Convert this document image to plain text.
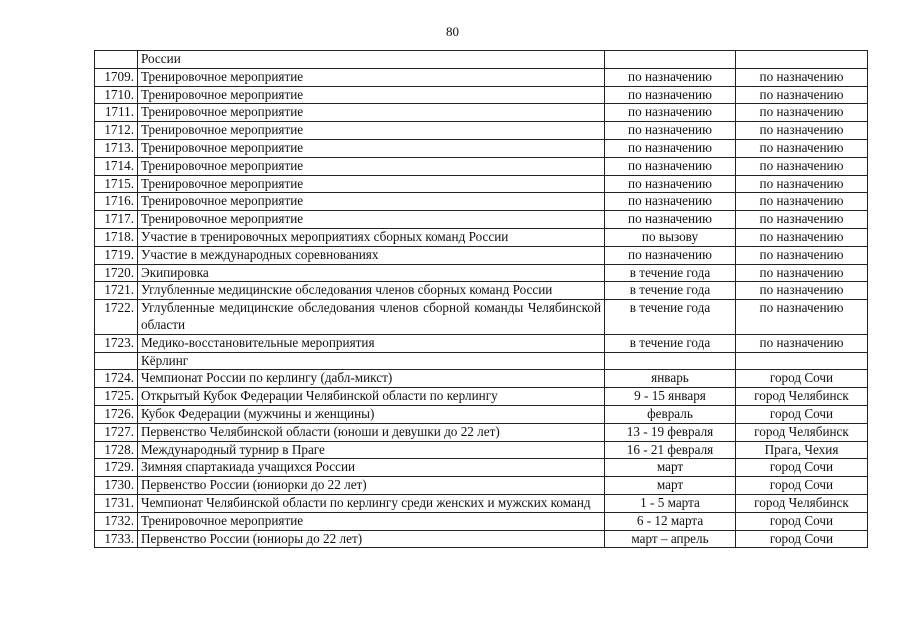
80
	России		
1709.	Тренировочное мероприятие	по назначению	по назначению
1710.	Тренировочное мероприятие	по назначению	по назначению
1711.	Тренировочное мероприятие	по назначению	по назначению
1712.	Тренировочное мероприятие	по назначению	по назначению
1713.	Тренировочное мероприятие	по назначению	по назначению
1714.	Тренировочное мероприятие	по назначению	по назначению
1715.	Тренировочное мероприятие	по назначению	по назначению
1716.	Тренировочное мероприятие	по назначению	по назначению
1717.	Тренировочное мероприятие	по назначению	по назначению
1718.	Участие в тренировочных мероприятиях сборных команд России	по вызову	по назначению
1719.	Участие в международных соревнованиях	по назначению	по назначению
1720.	Экипировка	в течение года	по назначению
1721.	Углубленные медицинские обследования членов сборных команд России	в течение года	по назначению
1722.	Углубленные медицинские обследования членов сборной команды Челябинской области	в течение года	по назначению
1723.	Медико-восстановительные мероприятия	в течение года	по назначению
	Кёрлинг		
1724.	Чемпионат России по керлингу (дабл-микст)	январь	город Сочи
1725.	Открытый Кубок Федерации Челябинской области по керлингу	9 - 15 января	город Челябинск
1726.	Кубок Федерации (мужчины и женщины)	февраль	город Сочи
1727.	Первенство Челябинской области (юноши и девушки до 22 лет)	13 - 19 февраля	город Челябинск
1728.	Международный турнир в Праге	16 - 21 февраля	Прага, Чехия
1729.	Зимняя спартакиада учащихся России	март	город Сочи
1730.	Первенство России (юниорки до 22 лет)	март	город Сочи
1731.	Чемпионат Челябинской области по керлингу среди женских и мужских команд	1 - 5 марта	город Челябинск
1732.	Тренировочное мероприятие	6 - 12 марта	город Сочи
1733.	Первенство России (юниоры до 22 лет)	март – апрель	город Сочи
